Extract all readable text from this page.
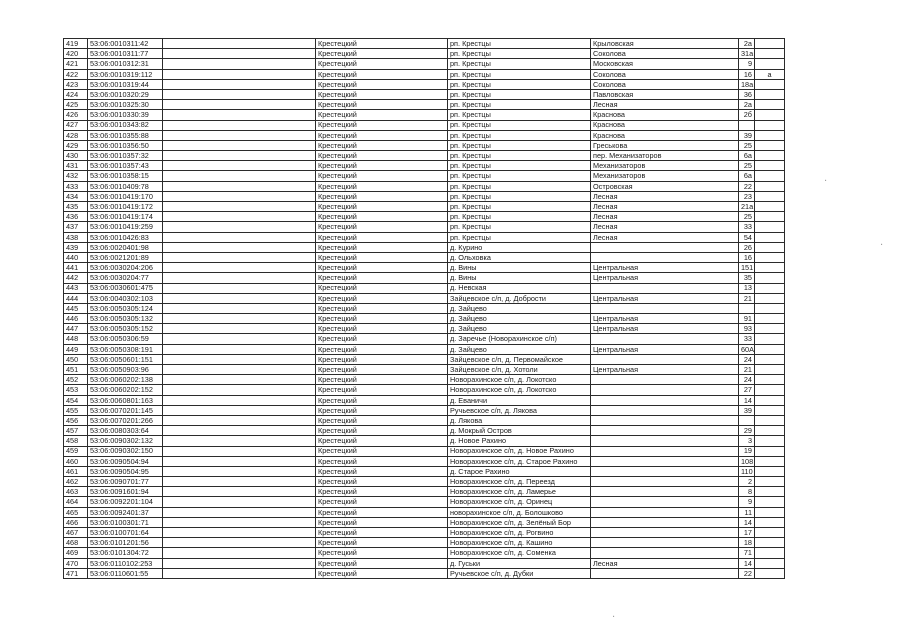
419	53:06:0010311:42		Крестецкий	рп. Крестцы	Крыловская	2а	
420	53:06:0010311:77		Крестецкий	рп. Крестцы	Соколова	31а	
421	53:06:0010312:31		Крестецкий	рп. Крестцы	Московская	9	
422	53:06:0010319:112		Крестецкий	рп. Крестцы	Соколова	16	а
423	53:06:0010319:44		Крестецкий	рп. Крестцы	Соколова	18а	
424	53:06:0010320:29		Крестецкий	рп. Крестцы	Павловская	36	
425	53:06:0010325:30		Крестецкий	рп. Крестцы	Лесная	2а	
426	53:06:0010330:39		Крестецкий	рп. Крестцы	Краснова	2б	
427	53:06:0010343:82		Крестецкий	рп. Крестцы	Краснова		
428	53:06:0010355:88		Крестецкий	рп. Крестцы	Краснова	39	
429	53:06:0010356:50		Крестецкий	рп. Крестцы	Греськова	25	
430	53:06:0010357:32		Крестецкий	рп. Крестцы	пер. Механизаторов	6а	
431	53:06:0010357:43		Крестецкий	рп. Крестцы	Механизаторов	25	
432	53:06:0010358:15		Крестецкий	рп. Крестцы	Механизаторов	6а	
433	53:06:0010409:78		Крестецкий	рп. Крестцы	Островская	22	
434	53:06:0010419:170		Крестецкий	рп. Крестцы	Лесная	23	
435	53:06:0010419:172		Крестецкий	рп. Крестцы	Лесная	21а	
436	53:06:0010419:174		Крестецкий	рп. Крестцы	Лесная	25	
437	53:06:0010419:259		Крестецкий	рп. Крестцы	Лесная	33	
438	53:06:0010426:83		Крестецкий	рп. Крестцы	Лесная	54	
439	53:06:0020401:98		Крестецкий	д. Курино		26	
440	53:06:0021201:89		Крестецкий	д. Ольховка		16	
441	53:06:0030204:206		Крестецкий	д. Вины	Центральная	151	
442	53:06:0030204:77		Крестецкий	д. Вины	Центральная	35	
443	53:06:0030601:475		Крестецкий	д. Невская		13	
444	53:06:0040302:103		Крестецкий	Зайцевское с/п, д. Добрости	Центральная	21	
445	53:06:0050305:124		Крестецкий	д. Зайцево			
446	53:06:0050305:132		Крестецкий	д. Зайцево	Центральная	91	
447	53:06:0050305:152		Крестецкий	д. Зайцево	Центральная	93	
448	53:06:0050306:59		Крестецкий	д. Заречье (Новорахинское с/п)		33	
449	53:06:0050308:191		Крестецкий	д. Зайцево	Центральная	60А	
450	53:06:0050601:151		Крестецкий	Зайцевское с/п, д. Первомайское		24	
451	53:06:0050903:96		Крестецкий	Зайцевское с/п, д. Хотоли	Центральная	21	
452	53:06:0060202:138		Крестецкий	Новорахинское с/п, д. Локотско		24	
453	53:06:0060202:152		Крестецкий	Новорахинское с/п, д. Локотско		27	
454	53:06:0060801:163		Крестецкий	д. Еваничи		14	
455	53:06:0070201:145		Крестецкий	Ручьевское с/п, д. Лякова		39	
456	53:06:0070201:266		Крестецкий	д. Лякова			
457	53:06:0080303:64		Крестецкий	д. Мокрый Остров		29	
458	53:06:0090302:132		Крестецкий	д. Новое Рахино		3	
459	53:06:0090302:150		Крестецкий	Новорахинское с/п, д. Новое Рахино		19	
460	53:06:0090504:94		Крестецкий	Новорахинское с/п, д. Старое Рахино		108	
461	53:06:0090504:95		Крестецкий	д. Старое Рахино		110	
462	53:06:0090701:77		Крестецкий	Новорахинское с/п, д. Переезд		2	
463	53:06:0091601:94		Крестецкий	Новорахинское с/п, д. Ламерье		8	
464	53:06:0092201:104		Крестецкий	Новорахинское с/п, д. Оринец		9	
465	53:06:0092401:37		Крестецкий	новорахинское с/п, д. Болошково		11	
466	53:06:0100301:71		Крестецкий	Новорахинское с/п, д. Зелёный Бор		14	
467	53:06:0100701:64		Крестецкий	Новорахинское с/п, д. Рогвино		17	
468	53:06:0101201:56		Крестецкий	Новорахинское с/п, д. Кашино		18	
469	53:06:0101304:72		Крестецкий	Новорахинское с/п, д. Соменка		71	
470	53:06:0110102:253		Крестецкий	д. Гуськи	Лесная	14	
471	53:06:0110601:55		Крестецкий	Ручьевское с/п, д. Дубки		22	
·
·
·
